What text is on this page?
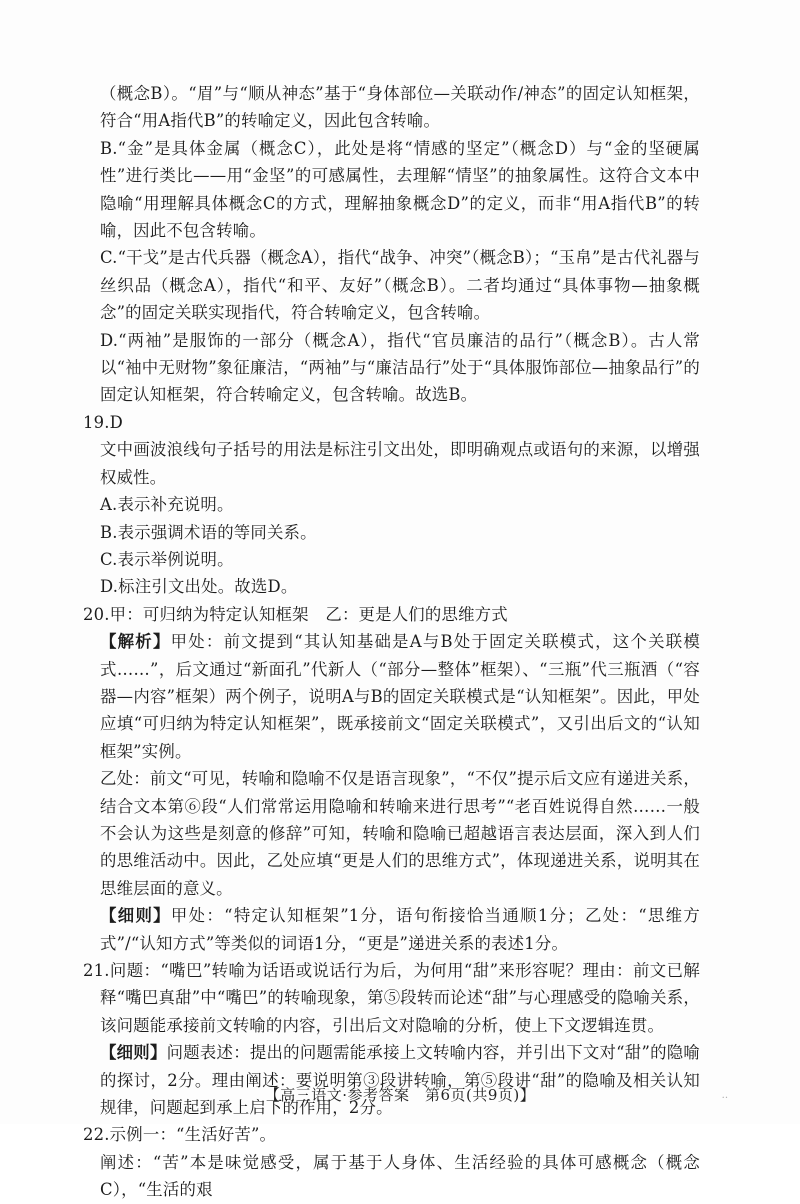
（概念B）。“眉”与“顺从神态”基于“身体部位—关联动作/神态”的固定认知框架，符合“用A指代B”的转喻定义，因此包含转喻。

B.“金”是具体金属（概念C），此处是将“情感的坚定”（概念D）与“金的坚硬属性”进行类比——用“金坚”的可感属性，去理解“情坚”的抽象属性。这符合文本中隐喻“用理解具体概念C的方式，理解抽象概念D”的定义，而非“用A指代B”的转喻，因此不包含转喻。

C.“干戈”是古代兵器（概念A），指代“战争、冲突”（概念B）；“玉帛”是古代礼器与丝织品（概念A），指代“和平、友好”（概念B）。二者均通过“具体事物—抽象概念”的固定关联实现指代，符合转喻定义，包含转喻。

D.“两袖”是服饰的一部分（概念A），指代“官员廉洁的品行”（概念B）。古人常以“袖中无财物”象征廉洁，“两袖”与“廉洁品行”处于“具体服饰部位—抽象品行”的固定认知框架，符合转喻定义，包含转喻。故选B。

19.D

文中画波浪线句子括号的用法是标注引文出处，即明确观点或语句的来源，以增强权威性。

A.表示补充说明。

B.表示强调术语的等同关系。

C.表示举例说明。

D.标注引文出处。故选D。

20.甲：可归纳为特定认知框架　乙：更是人们的思维方式

【解析】甲处：前文提到“其认知基础是A与B处于固定关联模式，这个关联模式……”，后文通过“新面孔”代新人（“部分—整体”框架）、“三瓶”代三瓶酒（“容器—内容”框架）两个例子，说明A与B的固定关联模式是“认知框架”。因此，甲处应填“可归纳为特定认知框架”，既承接前文“固定关联模式”，又引出后文的“认知框架”实例。

乙处：前文“可见，转喻和隐喻不仅是语言现象”，“不仅”提示后文应有递进关系，结合文本第⑥段“人们常常运用隐喻和转喻来进行思考”“老百姓说得自然……一般不会认为这些是刻意的修辞”可知，转喻和隐喻已超越语言表达层面，深入到人们的思维活动中。因此，乙处应填“更是人们的思维方式”，体现递进关系，说明其在思维层面的意义。

【细则】甲处：“特定认知框架”1分，语句衔接恰当通顺1分；乙处：“思维方式”/“认知方式”等类似的词语1分，“更是”递进关系的表述1分。

21.问题：“嘴巴”转喻为话语或说话行为后，为何用“甜”来形容呢？理由：前文已解释“嘴巴真甜”中“嘴巴”的转喻现象，第⑤段转而论述“甜”与心理感受的隐喻关系，该问题能承接前文转喻的内容，引出后文对隐喻的分析，使上下文逻辑连贯。

【细则】问题表述：提出的问题需能承接上文转喻内容，并引出下文对“甜”的隐喻的探讨，2分。理由阐述：要说明第③段讲转喻，第⑤段讲“甜”的隐喻及相关认知规律，问题起到承上启下的作用，2分。

22.示例一：“生活好苦”。

阐述：“苦”本是味觉感受，属于基于人身体、生活经验的具体可感概念（概念C），“生活的艰

【高三语文·参考答案　第6页(共9页)】	..
